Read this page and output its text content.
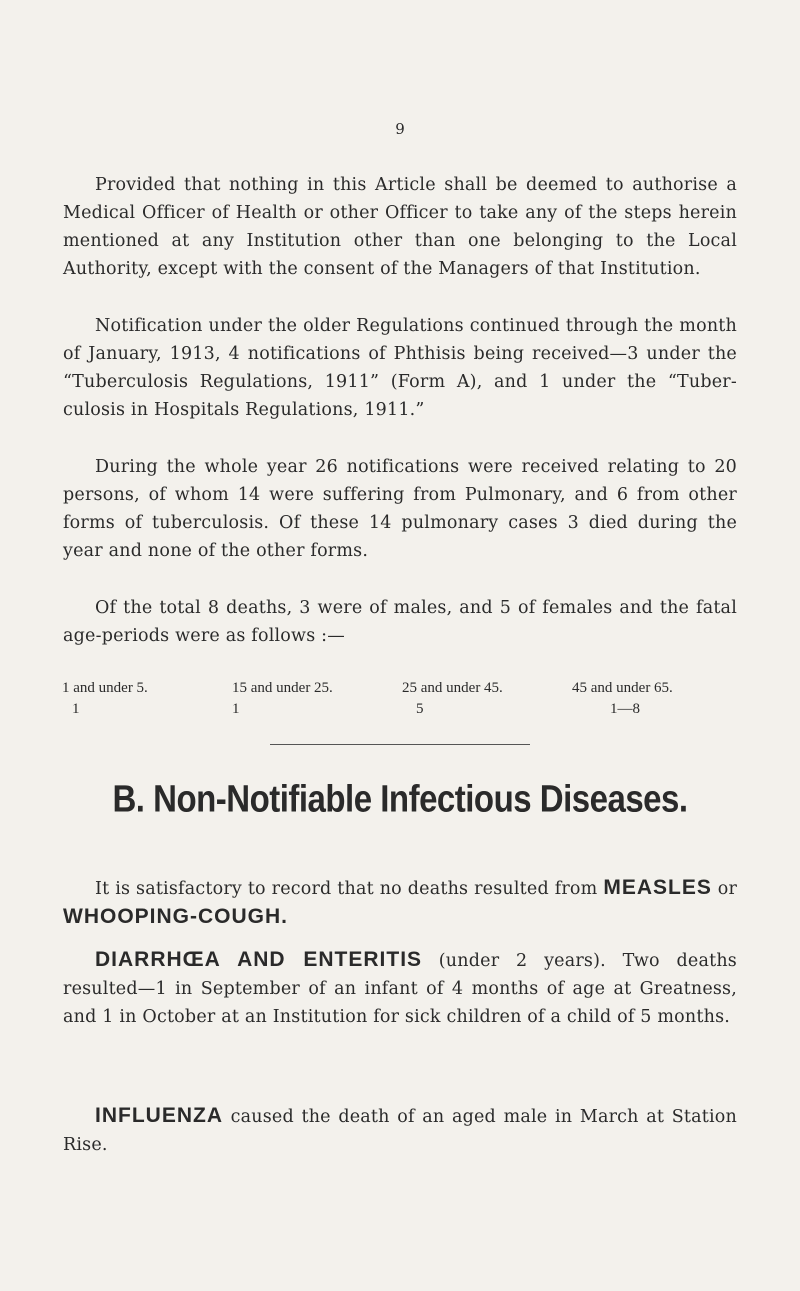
9

Provided that nothing in this Article shall be deemed to authorise a Medical Officer of Health or other Officer to take any of the steps herein mentioned at any Institution other than one belonging to the Local Authority, except with the consent of the Managers of that Institution.

Notification under the older Regulations continued through the month of January, 1913, 4 notifications of Phthisis being received—3 under the “Tuberculosis Regulations, 1911” (Form A), and 1 under the “Tuber-culosis in Hospitals Regulations, 1911.”

During the whole year 26 notifications were received relating to 20 persons, of whom 14 were suffering from Pulmonary, and 6 from other forms of tuberculosis. Of these 14 pulmonary cases 3 died during the year and none of the other forms.

Of the total 8 deaths, 3 were of males, and 5 of females and the fatal age-periods were as follows :—

1 and under 5.	15 and under 25.	25 and under 45.	45 and under 65.
1	1	5	1—8
B. Non-Notifiable Infectious Diseases.

It is satisfactory to record that no deaths resulted from MEASLES or WHOOPING-COUGH.

DIARRHŒA AND ENTERITIS (under 2 years). Two deaths resulted—1 in September of an infant of 4 months of age at Greatness, and 1 in October at an Institution for sick children of a child of 5 months.

INFLUENZA caused the death of an aged male in March at Station Rise.
